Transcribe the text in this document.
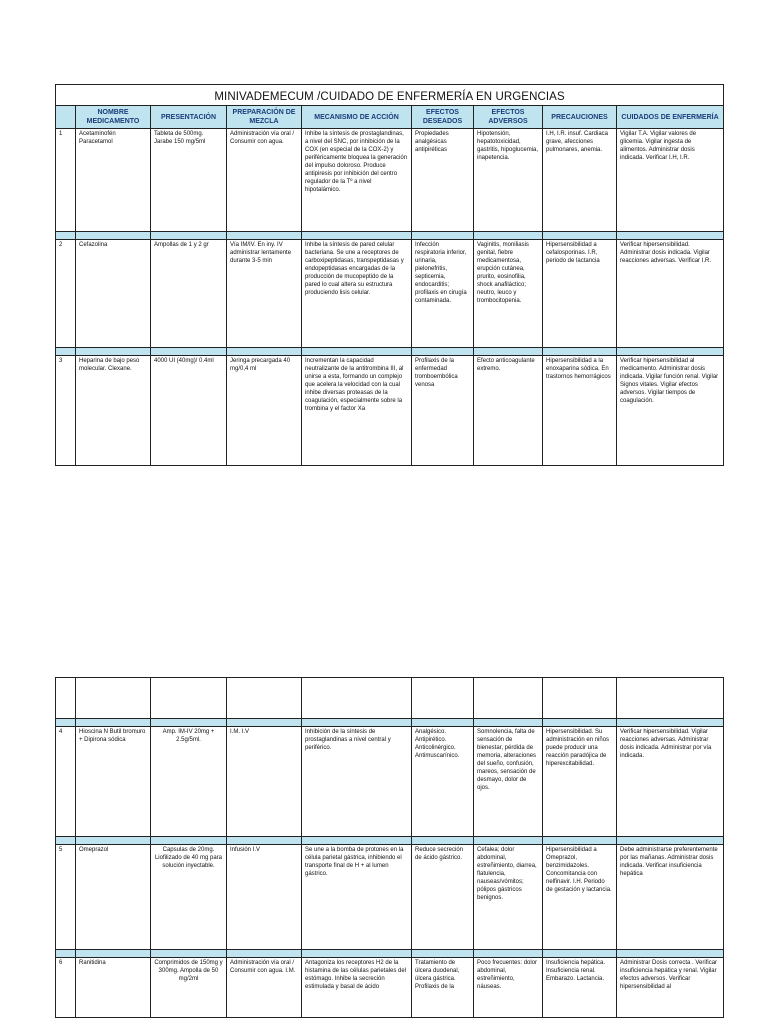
MINIVADEMECUM /CUIDADO DE ENFERMERÍA EN URGENCIAS								
	NOMBRE MEDICAMENTO	PRESENTACIÓN	PREPARACIÓN DE MEZCLA	MECANISMO DE ACCIÓN	EFECTOS DESEADOS	EFECTOS ADVERSOS	PRECAUCIONES	CUIDADOS DE ENFERMERÍA
1	Acetaminofén Paracetamol	Tableta de 500mg. Jarabe 150 mg/5ml	Administración vía oral / Consumir con agua.	Inhibe la síntesis de prostaglandinas, a nivel del SNC, por inhibición de la COX (en especial de la COX-2) y periféricamente bloquea la generación del impulso doloroso. Produce antipiresis por inhibición del centro regulador de la Tº a nivel hipotalámico.	Propiedades analgésicas antipiréticas	Hipotensión, hepatotoxicidad, gastritis, hipoglucemia, inapetencia.	I.H, I.R. insuf. Cardiaca grave, afecciones pulmonares, anemia.	Vigilar T.A. Vigilar valores de glicemia. Vigilar ingesta de alimentos. Administrar dosis indicada. Verificar I.H, I.R.

2	Cefazolina	Ampollas de 1 y 2 gr	Vía IM/IV. En iny. IV administrar lentamente durante 3-5 min	Inhibe la síntesis de pared celular bacteriana. Se une a receptores de carboxipeptidasas, transpeptidasas y endopeptidasas encargadas de la producción de mucopeptido de la pared lo cual altera su estructura produciendo lisis celular.	Infección respiratoria inferior, urinaria, pielonefritis, septicemia, endocarditis; profilaxis en cirugía contaminada.	Vaginitis, moniliasis genital, fiebre medicamentosa, erupción cutánea, prurito, eosinofilia, shock anafiláctico; neutro, leuco y trombocitopenia.	Hipersensibilidad a cefalosporinas. I.R, periodo de lactancia	Verificar hipersensibilidad. Administrar dosis indicada. Vigilar reacciones adversas. Verificar I.R.

3	Heparina de bajo peso molecular. Clexane.	4000 UI (40mg)/ 0.4ml	Jeringa precargada 40 mg/0,4 ml	Incrementan la capacidad neutralizante de la antitrombina III, al unirse a esta, formando un complejo que acelera la velocidad con la cual inhibe diversas proteasas de la coagulación, especialmente sobre la trombina y el factor Xa	Profilaxis de la enfermedad tromboembólica venosa	Efecto anticoagulante extremo.	Hipersensibilidad a la enoxaparina sódica. En trastornos hemorrágicos	Verificar hipersensibilidad al medicamento. Administrar dosis indicada. Vigilar función renal. Vigilar Signos vitales. Vigilar efectos adversos. Vigilar tiempos de coagulación.

4	Hioscina N Butil bromuro + Dipirona sódica	Amp. IM-IV 20mg + 2.5g/5ml.	I.M. I.V	Inhibición de la síntesis de prostaglandinas a nivel central y periférico.	Analgésico. Antipirético. Anticolinérgico. Antimuscarínico.	Somnolencia, falta de sensación de bienestar, pérdida de memoria, alteraciones del sueño, confusión, mareos, sensación de desmayo, dolor de ojos.	Hipersensibilidad. Su administración en niños puede producir una reacción paradójica de hiperexcitabilidad.	Verificar hipersensibilidad. Vigilar reacciones adversas. Administrar dosis indicada. Administrar por vía indicada.

5	Omeprazol	Capsulas de 20mg. Liofilizado de 40 mg para solución inyectable.	Infusión I.V	Se une a la bomba de protones en la célula parietal gástrica, inhibiendo el transporte final de H + al lumen gástrico.	Reduce secreción de ácido gástrico.	Cefalea; dolor abdominal, estreñimiento, diarrea, flatulencia, nauseas/vómitos; pólipos gástricos benignos.	Hipersensibilidad a Omeprazol, benzimidazoles. Concomitancia con nelfinavir. I.H. Periodo de gestación y lactancia.	Debe administrarse preferentemente por las mañanas. Administrar dosis indicada. Verificar insuficiencia hepática

6	Ranitidina	Comprimidos de 150mg y 300mg. Ampolla de 50 mg/2ml	Administración vía oral / Consumir con agua. I.M.	Antagoniza los receptores H2 de la histamina de las células parietales del estómago. Inhibe la secreción estimulada y basal de ácido	Tratamiento de úlcera duodenal, úlcera gástrica. Profilaxis de la	Poco frecuentes: dolor abdominal, estreñimiento, náuseas.	Insuficiencia hepática. Insuficiencia renal. Embarazo. Lactancia.	Administrar Dosis correcta . Verificar insuficiencia hepática y renal. Vigilar efectos adversos. Verificar hipersensibilidad al
